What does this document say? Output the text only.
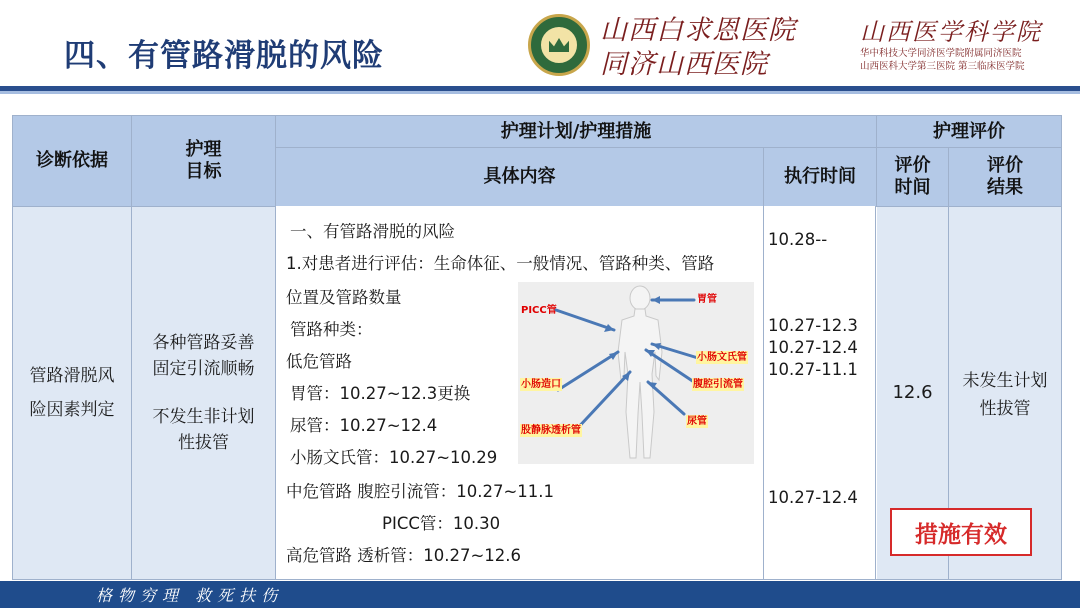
四、有管路滑脱的风险
山西白求恩医院
同济山西医院
山西医学科学院
华中科技大学同济医学院附属同济医院
山西医科大学第三医院 第三临床医学院
诊断依据
护理
目标
护理计划/护理措施
具体内容	执行时间
护理评价
评价
时间
评价
结果
管路滑脱风
险因素判定
各种管路妥善
固定引流顺畅
不发生非计划
性拔管
12.6
未发生计划
性拔管
一、有管路滑脱的风险
1.对患者进行评估：生命体征、一般情况、管路种类、管路
位置及管路数量
管路种类：
低危管路
胃管：10.27~12.3更换
尿管：10.27~12.4
小肠文氏管：10.27~10.29
中危管路 腹腔引流管：10.27~11.1
PICC管：10.30
高危管路 透析管：10.27~12.6
10.28--
10.27-12.3
10.27-12.4
10.27-11.1
10.27-12.4
PICC管
胃管
小肠文氏管
小肠造口	腹腔引流管
股静脉透析管
尿管
措施有效
格物穷理 救死扶伤
